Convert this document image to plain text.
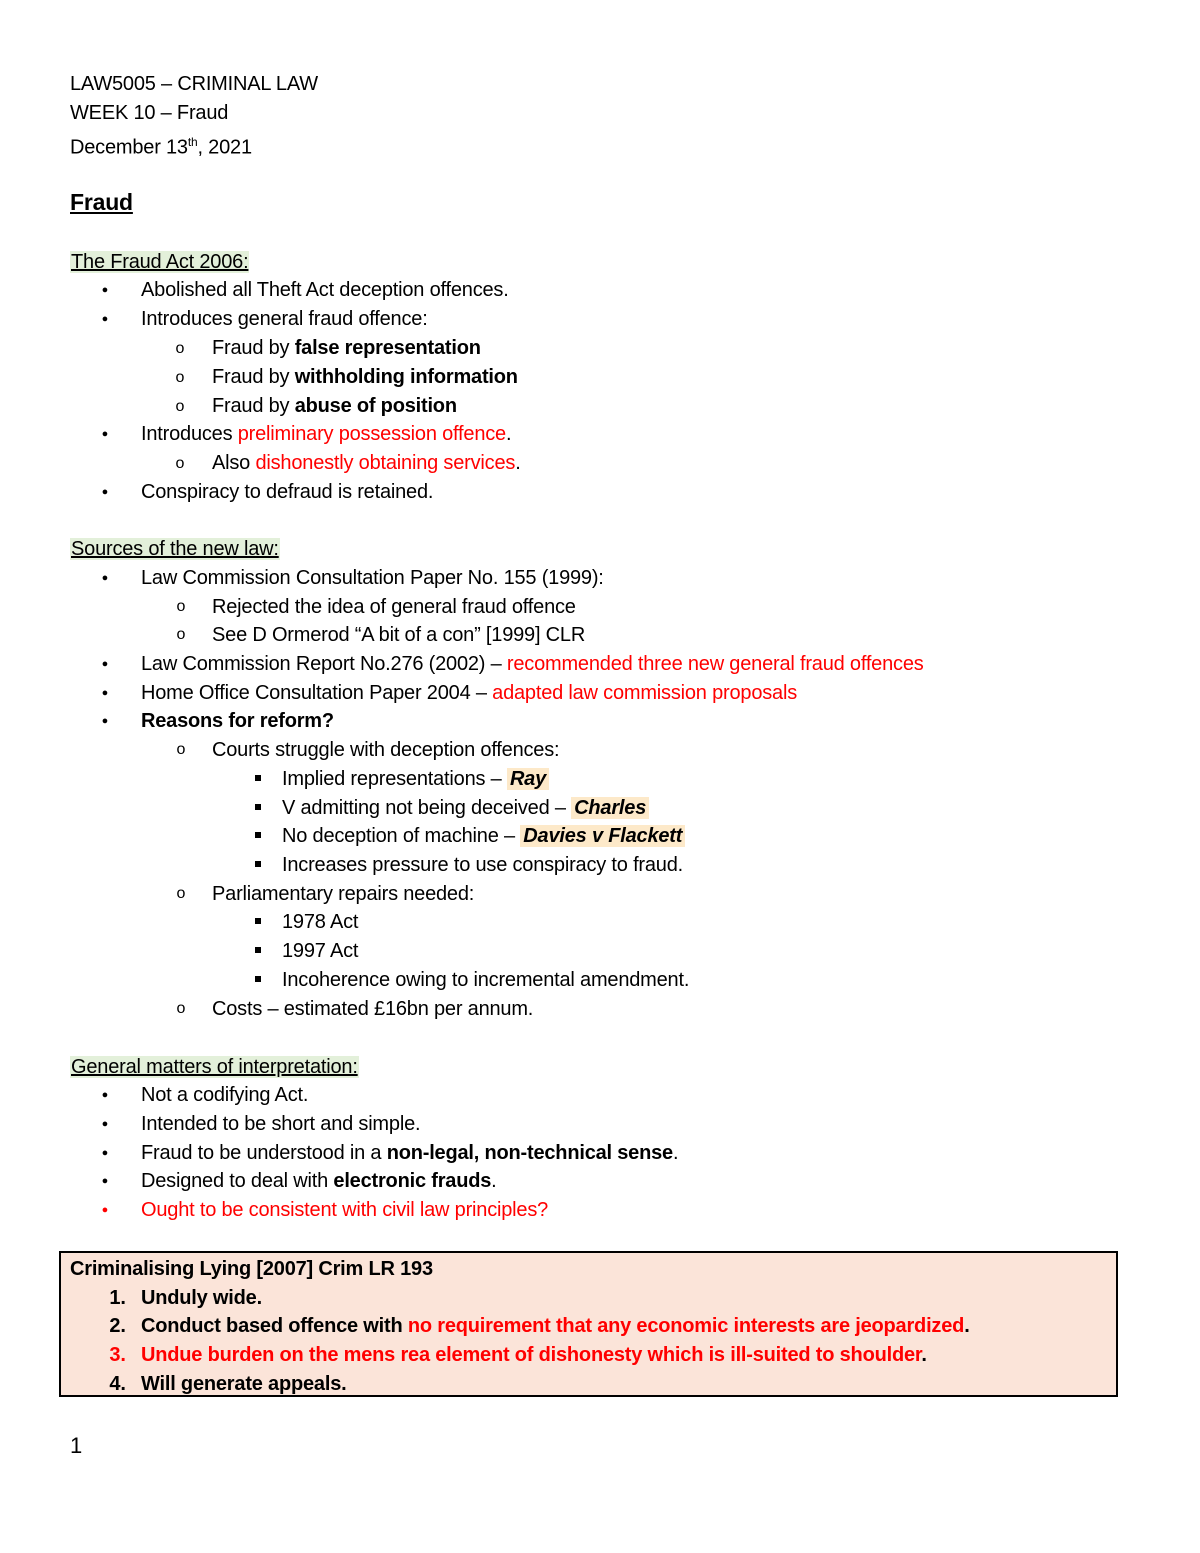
LAW5005 – CRIMINAL LAW
WEEK 10 – Fraud
December 13th, 2021
Fraud
The Fraud Act 2006:
● Abolished all Theft Act deception offences.
● Introduces general fraud offence:
o Fraud by false representation
o Fraud by withholding information
o Fraud by abuse of position
● Introduces preliminary possession offence.
o Also dishonestly obtaining services.
● Conspiracy to defraud is retained.
Sources of the new law:
● Law Commission Consultation Paper No. 155 (1999):
o Rejected the idea of general fraud offence
o See D Ormerod “A bit of a con” [1999] CLR
● Law Commission Report No.276 (2002) – recommended three new general fraud offences
● Home Office Consultation Paper 2004 – adapted law commission proposals
● Reasons for reform?
o Courts struggle with deception offences:
Implied representations – Ray
V admitting not being deceived – Charles
No deception of machine – Davies v Flackett
Increases pressure to use conspiracy to fraud.
o Parliamentary repairs needed:
1978 Act
1997 Act
Incoherence owing to incremental amendment.
o Costs – estimated £16bn per annum.
General matters of interpretation:
● Not a codifying Act.
● Intended to be short and simple.
● Fraud to be understood in a non-legal, non-technical sense.
● Designed to deal with electronic frauds.
● Ought to be consistent with civil law principles?
Criminalising Lying [2007] Crim LR 193
1. Unduly wide.
2. Conduct based offence with no requirement that any economic interests are jeopardized.
3. Undue burden on the mens rea element of dishonesty which is ill-suited to shoulder.
4. Will generate appeals.
1
